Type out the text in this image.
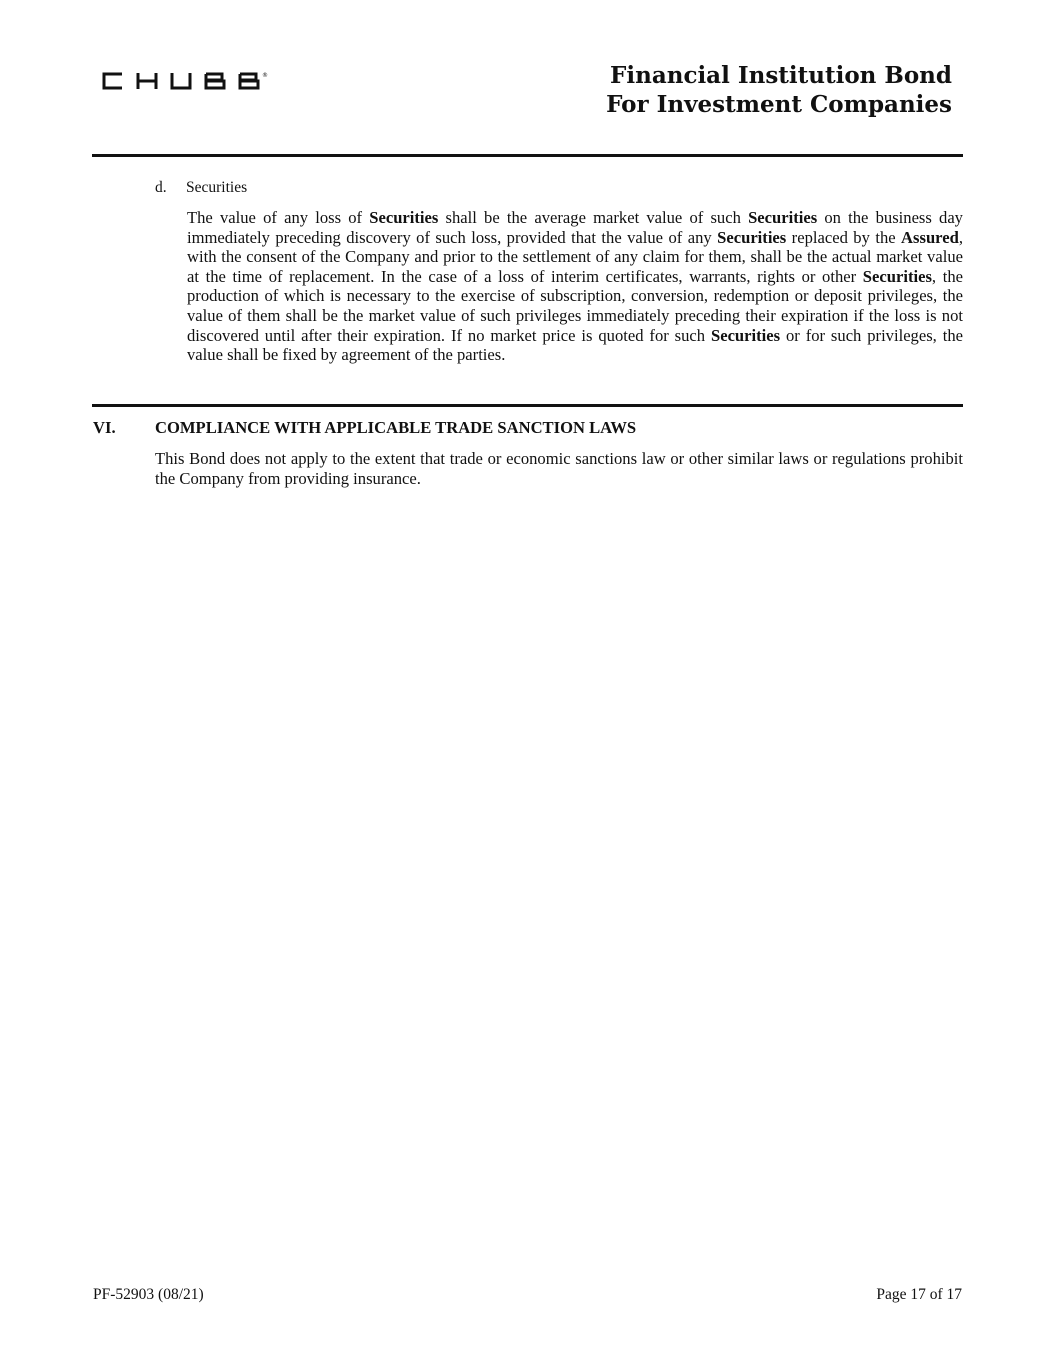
®	Financial Institution Bond
For Investment Companies
d. Securities
The value of any loss of Securities shall be the average market value of such Securities on the business day immediately preceding discovery of such loss, provided that the value of any Securities replaced by the Assured, with the consent of the Company and prior to the settlement of any claim for them, shall be the actual market value at the time of replacement. In the case of a loss of interim certificates, warrants, rights or other Securities, the production of which is necessary to the exercise of subscription, conversion, redemption or deposit privileges, the value of them shall be the market value of such privileges immediately preceding their expiration if the loss is not discovered until after their expiration. If no market price is quoted for such Securities or for such privileges, the value shall be fixed by agreement of the parties.
VI. COMPLIANCE WITH APPLICABLE TRADE SANCTION LAWS
This Bond does not apply to the extent that trade or economic sanctions law or other similar laws or regulations prohibit the Company from providing insurance.
PF-52903 (08/21)	Page 17 of 17
